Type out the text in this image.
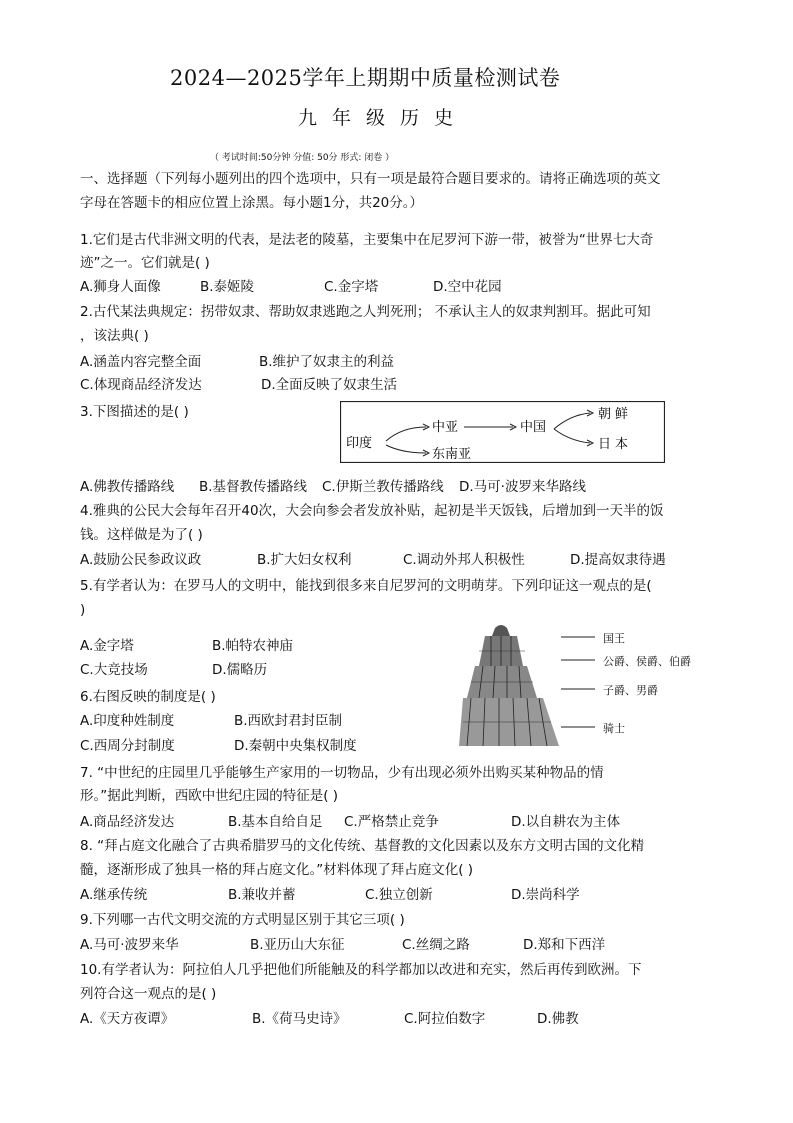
2024—2025学年上期期中质量检测试卷
九年级历史
（ 考试时间:50分钟 分值: 50分 形式: 闭卷 ）
一、选择题（下列每小题列出的四个选项中，只有一项是最符合题目要求的。请将正确选项的英文
字母在答题卡的相应位置上涂黑。每小题1分，共20分。）
1.它们是古代非洲文明的代表，是法老的陵墓，主要集中在尼罗河下游一带，被誉为“世界七大奇
迹”之一。它们就是( )
A.狮身人面像	B.泰姬陵	C.金字塔	D.空中花园
2.古代某法典规定：拐带奴隶、帮助奴隶逃跑之人判死刑； 不承认主人的奴隶判割耳。据此可知
，该法典( )
A.涵盖内容完整全面	B.维护了奴隶主的利益
C.体现商品经济发达	D.全面反映了奴隶生活
3.下图描述的是( )
印度
中亚
东南亚
中国
朝鲜
日本
A.佛教传播路线 B.基督教传播路线 C.伊斯兰教传播路线 D.马可·波罗来华路线
4.雅典的公民大会每年召开40次，大会向参会者发放补贴，起初是半天饭钱，后增加到一天半的饭
钱。这样做是为了( )
A.鼓励公民参政议政	B.扩大妇女权利	C.调动外邦人积极性	D.提高奴隶待遇
5.有学者认为：在罗马人的文明中，能找到很多来自尼罗河的文明萌芽。下列印证这一观点的是(
)
A.金字塔	B.帕特农神庙
C.大竞技场	D.儒略历
国王
公爵、侯爵、伯爵
子爵、男爵
骑士
6.右图反映的制度是( )
A.印度种姓制度	B.西欧封君封臣制
C.西周分封制度	D.秦朝中央集权制度
7. “中世纪的庄园里几乎能够生产家用的一切物品，少有出现必须外出购买某种物品的情
形。”据此判断，西欧中世纪庄园的特征是( )
A.商品经济发达	B.基本自给自足 C.严格禁止竞争	D.以自耕农为主体
8. “拜占庭文化融合了古典希腊罗马的文化传统、基督教的文化因素以及东方文明古国的文化精
髓，逐渐形成了独具一格的拜占庭文化。”材料体现了拜占庭文化( )
A.继承传统	B.兼收并蓄	C.独立创新	D.崇尚科学
9.下列哪一古代文明交流的方式明显区别于其它三项( )
A.马可·波罗来华	B.亚历山大东征	C.丝绸之路	D.郑和下西洋
10.有学者认为：阿拉伯人几乎把他们所能触及的科学都加以改进和充实，然后再传到欧洲。下
列符合这一观点的是( )
A.《天方夜谭》	B.《荷马史诗》	C.阿拉伯数字	D.佛教
